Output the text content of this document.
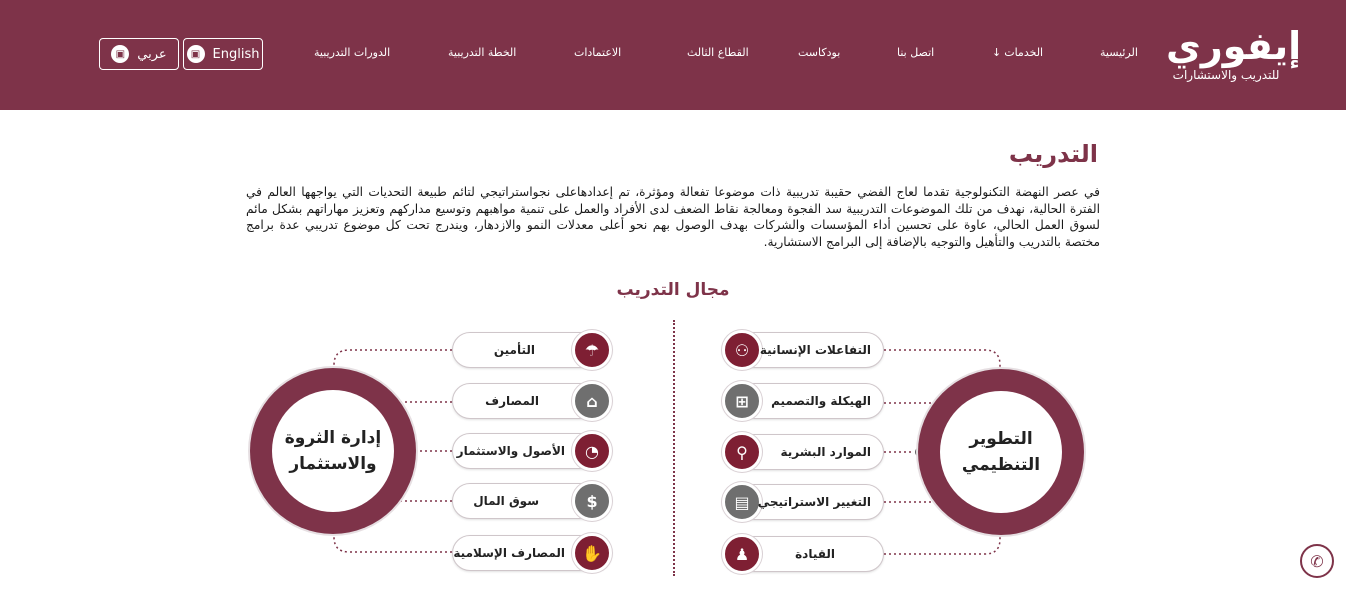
إيفوري
للتدريب والاستشارات
الرئيسية
الخدمات↓
اتصل بنا
بودكاست
القطاع الثالث
الاعتمادات
الخطة التدريبية
الدورات التدريبية
▣ English
▣ عربي
التدريب
في عصر النهضة التكنولوجية تقدما لعاج الفضي حقيبة تدريبية ذات موضوعا تفعالة ومؤثرة، تم إعدادهاعلى نجواستراتيجي لتائم طبيعة التحديات التي يواجهها العالم في الفترة الحالية، نهدف من تلك الموضوعات التدريبية سد الفجوة ومعالجة نقاط الضعف لدى الأفراد والعمل على تنمية مواهبهم وتوسيع مداركهم وتعزيز مهاراتهم بشكل مائم لسوق العمل الحالي، عاوة على تحسين أداء المؤسسات والشركات بهدف الوصول بهم نحو أعلى معدلات النمو والازدهار، ويندرج تحت كل موضوع تدريبي عدة برامج مختصة بالتدريب والتأهيل والتوجيه بالإضافة إلى البرامج الاستشارية.
مجال التدريب
التطوير التنظيمي
إدارة الثروة والاستثمار
⚇ التفاعلات الإنسانية
⊞	الهيكلة والتصميم
⚲	الموارد البشرية
▤ التغيير الاستراتيجي
♟	القيادة
☂
التأمين
⌂
المصارف
◔
الأصول والاستثمار
$
سوق المال
✋
المصارف الإسلامية	✆
